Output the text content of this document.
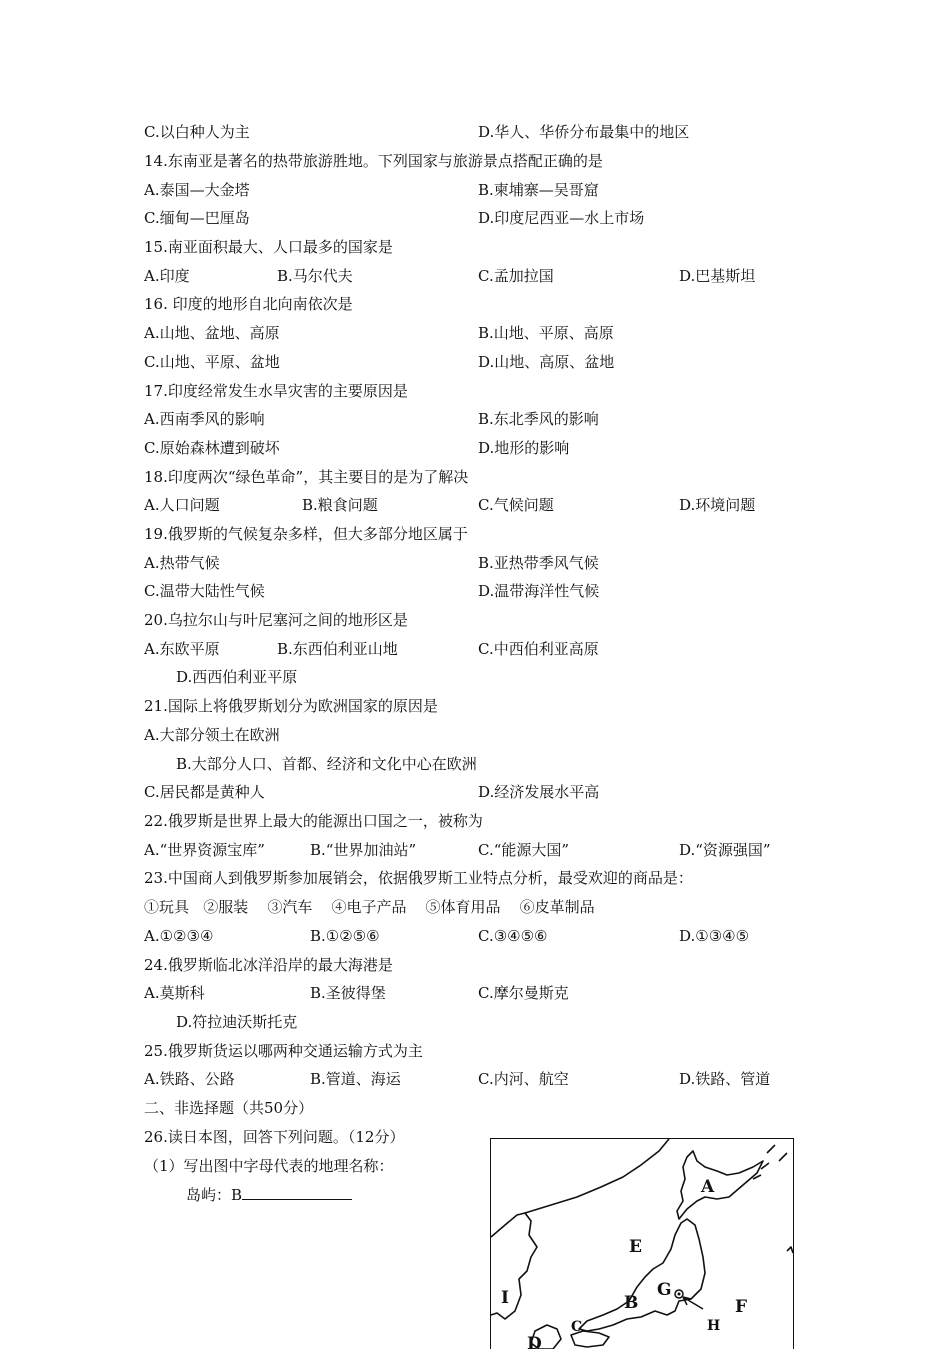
C.以白种人为主	D.华人、华侨分布最集中的地区
14.东南亚是著名的热带旅游胜地。下列国家与旅游景点搭配正确的是
A.泰国—大金塔	B.柬埔寨—吴哥窟
C.缅甸—巴厘岛	D.印度尼西亚—水上市场
15.南亚面积最大、人口最多的国家是
A.印度	B.马尔代夫	C.孟加拉国	D.巴基斯坦
16. 印度的地形自北向南依次是
A.山地、盆地、高原	B.山地、平原、高原
C.山地、平原、盆地	D.山地、高原、盆地
17.印度经常发生水旱灾害的主要原因是
A.西南季风的影响	B.东北季风的影响
C.原始森林遭到破坏	D.地形的影响
18.印度两次“绿色革命”，其主要目的是为了解决
A.人口问题	B.粮食问题	C.气候问题	D.环境问题
19.俄罗斯的气候复杂多样，但大多部分地区属于
A.热带气候	B.亚热带季风气候
C.温带大陆性气候	D.温带海洋性气候
20.乌拉尔山与叶尼塞河之间的地形区是
A.东欧平原	B.东西伯利亚山地	C.中西伯利亚高原
D.西西伯利亚平原
21.国际上将俄罗斯划分为欧洲国家的原因是
A.大部分领土在欧洲
B.大部分人口、首都、经济和文化中心在欧洲
C.居民都是黄种人	D.经济发展水平高
22.俄罗斯是世界上最大的能源出口国之一，被称为
A.“世界资源宝库”	B.“世界加油站”	C.“能源大国”	D.“资源强国”
23.中国商人到俄罗斯参加展销会，依据俄罗斯工业特点分析，最受欢迎的商品是：
①玩具   ②服装    ③汽车    ④电子产品    ⑤体育用品    ⑥皮革制品
A.①②③④	B.①②⑤⑥	C.③④⑤⑥	D.①③④⑤
24.俄罗斯临北冰洋沿岸的最大海港是
A.莫斯科	B.圣彼得堡	C.摩尔曼斯克
D.符拉迪沃斯托克
25.俄罗斯货运以哪两种交通运输方式为主
A.铁路、公路	B.管道、海运	C.内河、航空	D.铁路、管道
二、非选择题（共50分）
26.读日本图，回答下列问题。（12分）
（1）写出图中字母代表的地理名称：
岛屿：B	A
E
I	G
B	F
H
C
D
